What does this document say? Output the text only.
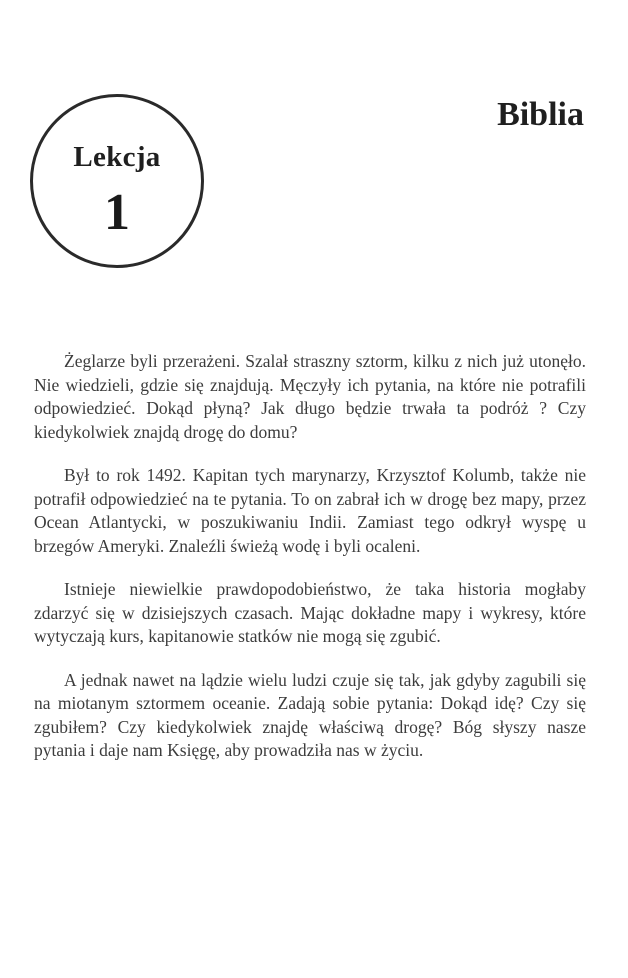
Lekcja
1
Biblia

Żeglarze byli przerażeni. Szalał straszny sztorm, kilku z nich już utonęło. Nie wiedzieli, gdzie się znajdują. Męczyły ich pytania, na które nie potrafili odpowiedzieć. Dokąd płyną? Jak długo będzie trwała ta podróż ? Czy kiedykolwiek znajdą drogę do domu?

Był to rok 1492. Kapitan tych marynarzy, Krzysztof Kolumb, także nie potrafił odpowiedzieć na te pytania. To on zabrał ich w drogę bez mapy, przez Ocean Atlantycki, w poszukiwaniu Indii. Zamiast tego odkrył wyspę u brzegów Ameryki. Znaleźli świeżą wodę i byli ocaleni.

Istnieje niewielkie prawdopodobieństwo, że taka historia mogłaby zdarzyć się w dzisiejszych czasach. Mając dokładne mapy i wykresy, które wytyczają kurs, kapitanowie statków nie mogą się zgubić.

A jednak nawet na lądzie wielu ludzi czuje się tak, jak gdyby zagubili się na miotanym sztormem oceanie. Zadają sobie pytania: Dokąd idę? Czy się zgubiłem? Czy kiedykolwiek znajdę właściwą drogę? Bóg słyszy nasze pytania i daje nam Księgę, aby prowadziła nas w życiu.
